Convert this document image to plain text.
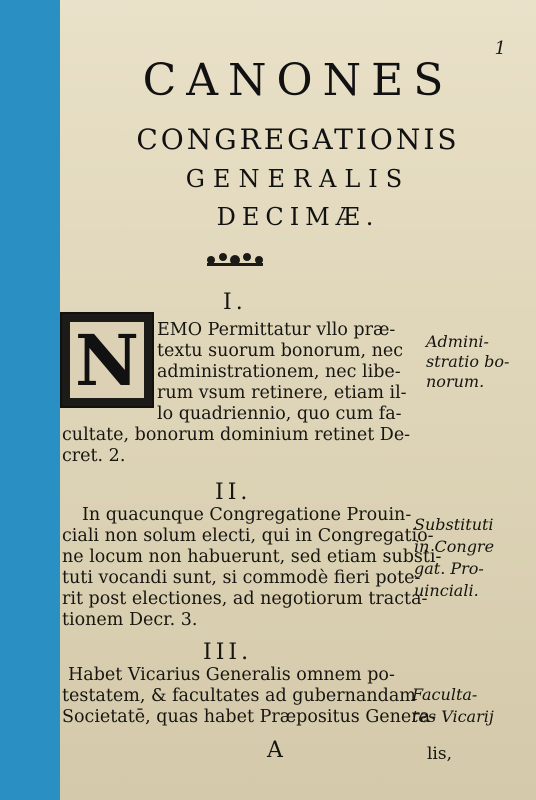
1
CANONES
CONGREGATIONIS
GENERALIS
DECIMÆ.
I.
N EMO Permittatur vllo præ-
textu suorum bonorum, nec
administrationem, nec libe-
rum vsum retinere, etiam il-
lo quadriennio, quo cum fa-
cultate, bonorum dominium retinet De-
cret. 2.
Admini-
stratio bo-
norum.
II.
In quacunque Congregatione Prouin-
ciali non solum electi, qui in Congregatio-
ne locum non habuerunt, sed etiam substi-
tuti vocandi sunt, si commodè fieri pote-
rit post electiones, ad negotiorum tracta-
tionem Decr. 3.
Substituti
in Congre
gat. Pro-
uinciali.
III.
Habet Vicarius Generalis omnem po-
testatem, & facultates ad gubernandam
Societatē, quas habet Præpositus Genera-
Faculta-
tes Vicarij
A	lis,
